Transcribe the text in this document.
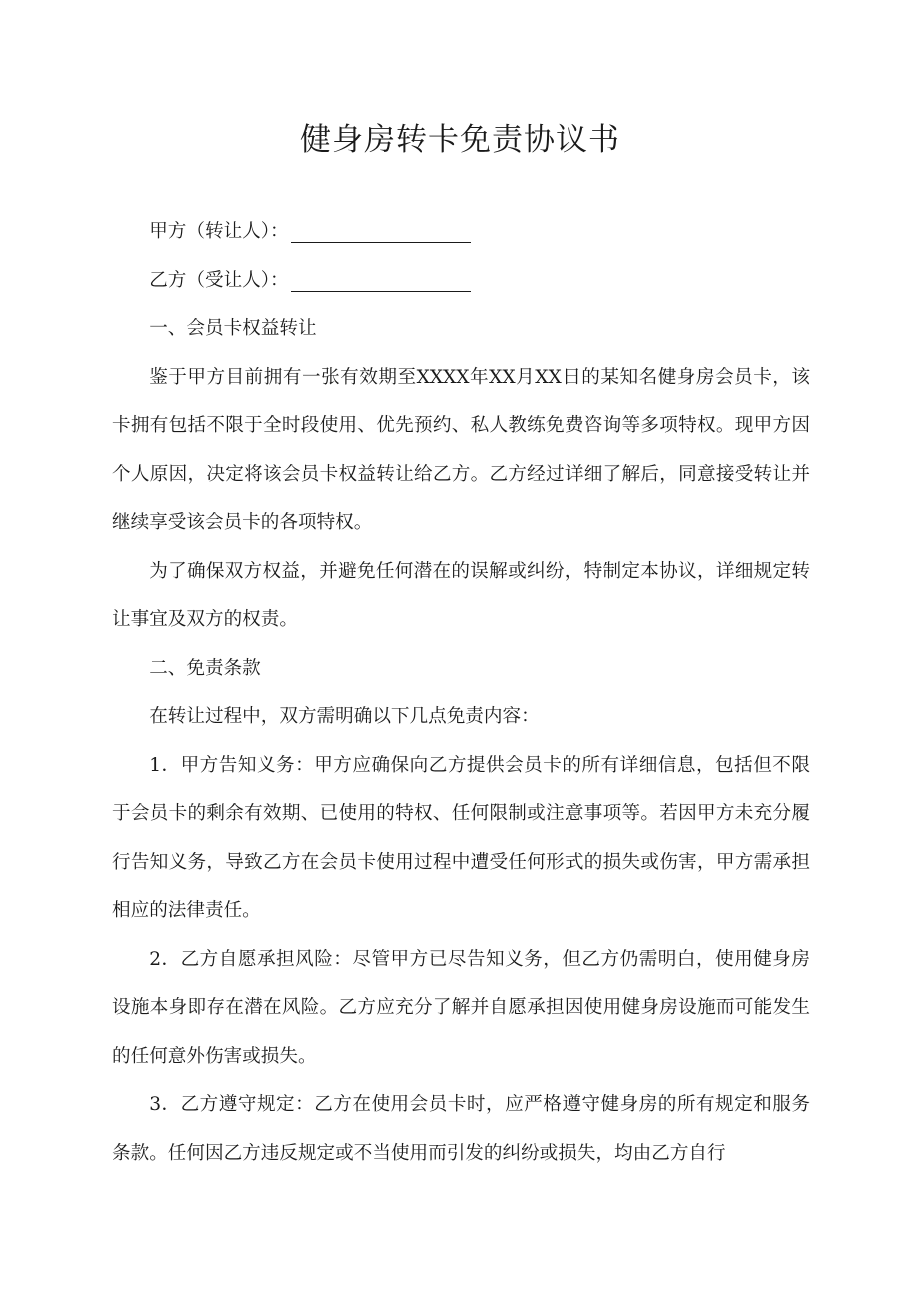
健身房转卡免责协议书

甲方（转让人）：

乙方（受让人）：

一、会员卡权益转让

鉴于甲方目前拥有一张有效期至XXXX年XX月XX日的某知名健身房会员卡，该卡拥有包括不限于全时段使用、优先预约、私人教练免费咨询等多项特权。现甲方因个人原因，决定将该会员卡权益转让给乙方。乙方经过详细了解后，同意接受转让并继续享受该会员卡的各项特权。

为了确保双方权益，并避免任何潜在的误解或纠纷，特制定本协议，详细规定转让事宜及双方的权责。

二、免责条款

在转让过程中，双方需明确以下几点免责内容：

1．甲方告知义务：甲方应确保向乙方提供会员卡的所有详细信息，包括但不限于会员卡的剩余有效期、已使用的特权、任何限制或注意事项等。若因甲方未充分履行告知义务，导致乙方在会员卡使用过程中遭受任何形式的损失或伤害，甲方需承担相应的法律责任。

2．乙方自愿承担风险：尽管甲方已尽告知义务，但乙方仍需明白，使用健身房设施本身即存在潜在风险。乙方应充分了解并自愿承担因使用健身房设施而可能发生的任何意外伤害或损失。

3．乙方遵守规定：乙方在使用会员卡时，应严格遵守健身房的所有规定和服务条款。任何因乙方违反规定或不当使用而引发的纠纷或损失，均由乙方自行
